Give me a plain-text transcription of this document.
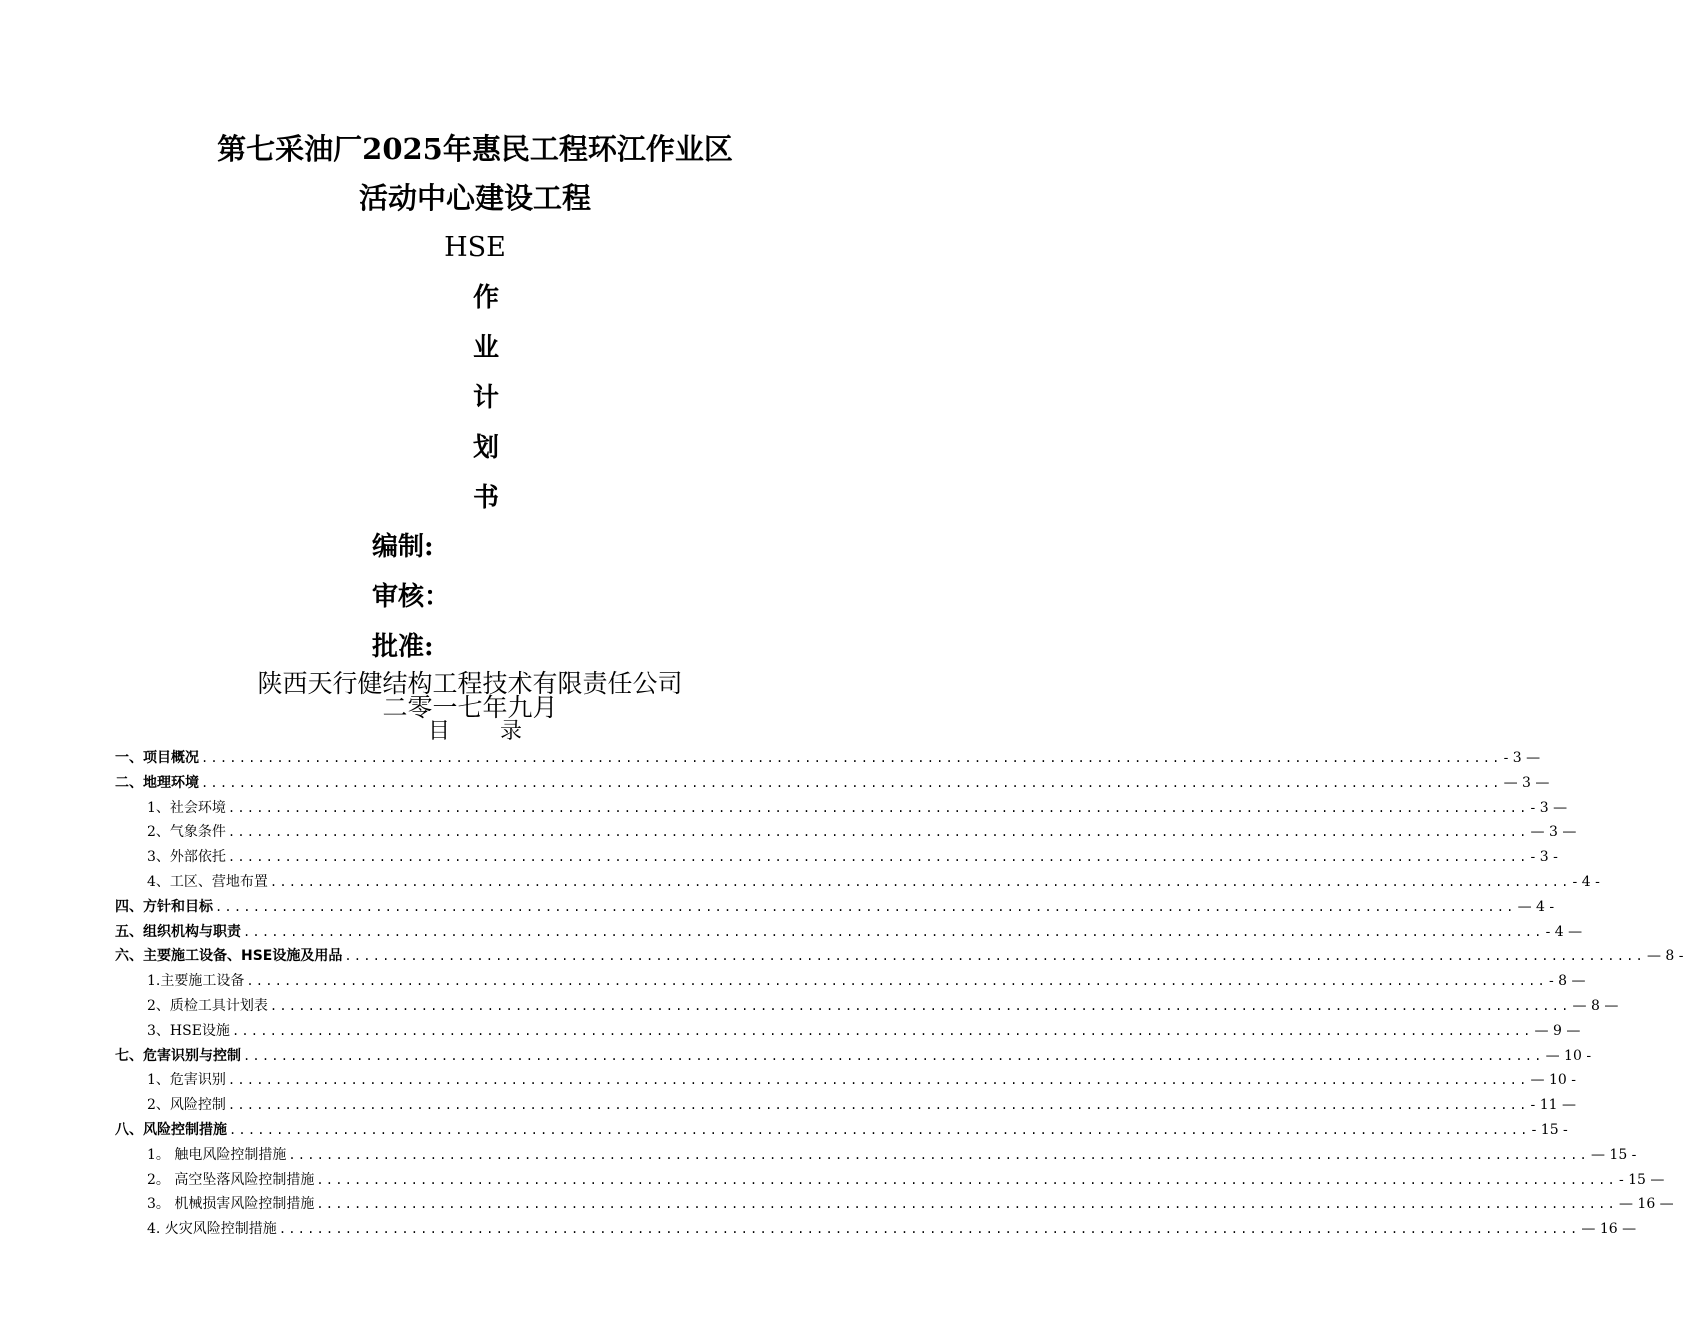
第七采油厂2025年惠民工程环江作业区
活动中心建设工程
HSE
作
业
计
划
书
编制:
审核：
批准:
陕西天行健结构工程技术有限责任公司
二零一七年九月
目 录
一、项目概况 .......................................................................................................................................... - 3 —
二、地理环境 .......................................................................................................................................... — 3 —
1、社会环境 .......................................................................................................................................... - 3 —
2、气象条件 .......................................................................................................................................... — 3 —
3、外部依托 .......................................................................................................................................... - 3 -
4、工区、营地布置 .......................................................................................................................................... - 4 -
四、方针和目标 .......................................................................................................................................... — 4 -
五、组织机构与职责 .......................................................................................................................................... - 4 —
六、主要施工设备、HSE设施及用品 .......................................................................................................................................... — 8 -
1.主要施工设备 .......................................................................................................................................... - 8 —
2、质检工具计划表 .......................................................................................................................................... — 8 —
3、HSE设施 .......................................................................................................................................... — 9 —
七、危害识别与控制 .......................................................................................................................................... — 10 -
1、危害识别 .......................................................................................................................................... — 10 -
2、风险控制 .......................................................................................................................................... - 11 —
八、风险控制措施 .......................................................................................................................................... - 15 -
1。 触电风险控制措施 .......................................................................................................................................... — 15 -
2。 高空坠落风险控制措施 .......................................................................................................................................... - 15 —
3。 机械损害风险控制措施 .......................................................................................................................................... — 16 —
4. 火灾风险控制措施 .......................................................................................................................................... — 16 —
